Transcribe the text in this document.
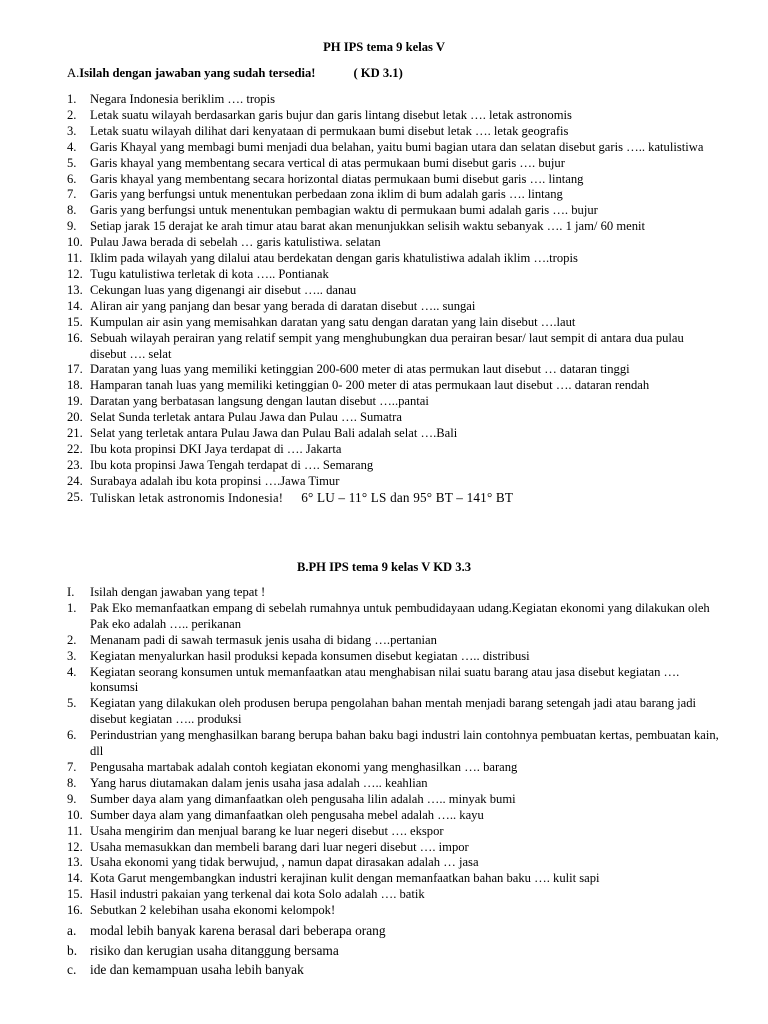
PH IPS tema 9 kelas V

A.Isilah dengan jawaban yang sudah tersedia!	( KD 3.1)

1. Negara Indonesia beriklim …. tropis
2. Letak suatu wilayah berdasarkan garis bujur dan garis lintang disebut letak …. letak astronomis
3. Letak suatu wilayah dilihat dari kenyataan di permukaan bumi disebut letak …. letak geografis
4. Garis Khayal yang membagi bumi menjadi dua belahan, yaitu bumi bagian utara dan selatan disebut garis ….. katulistiwa
5. Garis khayal yang membentang secara vertical di atas permukaan bumi disebut garis …. bujur
6. Garis khayal yang membentang secara horizontal diatas permukaan bumi disebut garis …. lintang
7. Garis yang berfungsi untuk menentukan perbedaan zona iklim di bum adalah garis …. lintang
8. Garis yang berfungsi untuk menentukan pembagian waktu di permukaan bumi adalah garis …. bujur
9. Setiap jarak 15 derajat ke arah timur atau barat akan menunjukkan selisih waktu sebanyak …. 1 jam/ 60 menit
10. Pulau Jawa berada di sebelah … garis katulistiwa. selatan
11. Iklim pada wilayah yang dilalui atau berdekatan dengan garis khatulistiwa adalah iklim ….tropis
12. Tugu katulistiwa terletak di kota ….. Pontianak
13. Cekungan luas yang digenangi air disebut ….. danau
14. Aliran air yang panjang dan besar yang berada di daratan disebut ….. sungai
15. Kumpulan air asin yang memisahkan daratan yang satu dengan daratan yang lain disebut ….laut
16. Sebuah wilayah perairan yang relatif sempit yang menghubungkan dua perairan besar/ laut sempit di antara dua pulau disebut …. selat
17. Daratan yang luas yang memiliki ketinggian 200-600 meter di atas permukan laut disebut … dataran tinggi
18. Hamparan tanah luas yang memiliki ketinggian 0- 200 meter di atas permukaan laut disebut …. dataran rendah
19. Daratan yang berbatasan langsung dengan lautan disebut …..pantai
20. Selat Sunda terletak antara Pulau Jawa dan Pulau …. Sumatra
21. Selat yang terletak antara Pulau Jawa dan Pulau Bali adalah selat ….Bali
22. Ibu kota propinsi DKI Jaya terdapat di …. Jakarta
23. Ibu kota propinsi Jawa Tengah terdapat di …. Semarang
24. Surabaya adalah ibu kota propinsi ….Jawa Timur
25. Tuliskan letak astronomis Indonesia! 6° LU – 11° LS dan 95° BT – 141° BT
B.PH IPS tema 9 kelas V KD 3.3
I. Isilah dengan jawaban yang tepat !
1. Pak Eko memanfaatkan empang di sebelah rumahnya untuk pembudidayaan udang.Kegiatan ekonomi yang dilakukan oleh Pak eko adalah ….. perikanan
2. Menanam padi di sawah termasuk jenis usaha di bidang ….pertanian
3. Kegiatan menyalurkan hasil produksi kepada konsumen disebut kegiatan ….. distribusi
4. Kegiatan seorang konsumen untuk memanfaatkan atau menghabisan nilai suatu barang atau jasa disebut kegiatan …. konsumsi
5. Kegiatan yang dilakukan oleh produsen berupa pengolahan bahan mentah menjadi barang setengah jadi atau barang jadi disebut kegiatan ….. produksi
6. Perindustrian yang menghasilkan barang berupa bahan baku bagi industri lain contohnya pembuatan kertas, pembuatan kain, dll
7. Pengusaha martabak adalah contoh kegiatan ekonomi yang menghasilkan …. barang
8. Yang harus diutamakan dalam jenis usaha jasa adalah ….. keahlian
9. Sumber daya alam yang dimanfaatkan oleh pengusaha lilin adalah ….. minyak bumi
10. Sumber daya alam yang dimanfaatkan oleh pengusaha mebel adalah ….. kayu
11. Usaha mengirim dan menjual barang ke luar negeri disebut …. ekspor
12. Usaha memasukkan dan membeli barang dari luar negeri disebut …. impor
13. Usaha ekonomi yang tidak berwujud, , namun dapat dirasakan adalah … jasa
14. Kota Garut mengembangkan industri kerajinan kulit dengan memanfaatkan bahan baku …. kulit sapi
15. Hasil industri pakaian yang terkenal dai kota Solo adalah …. batik
16. Sebutkan 2 kelebihan usaha ekonomi kelompok!
a. modal lebih banyak karena berasal dari beberapa orang
b. risiko dan kerugian usaha ditanggung bersama
c. ide dan kemampuan usaha lebih banyak
